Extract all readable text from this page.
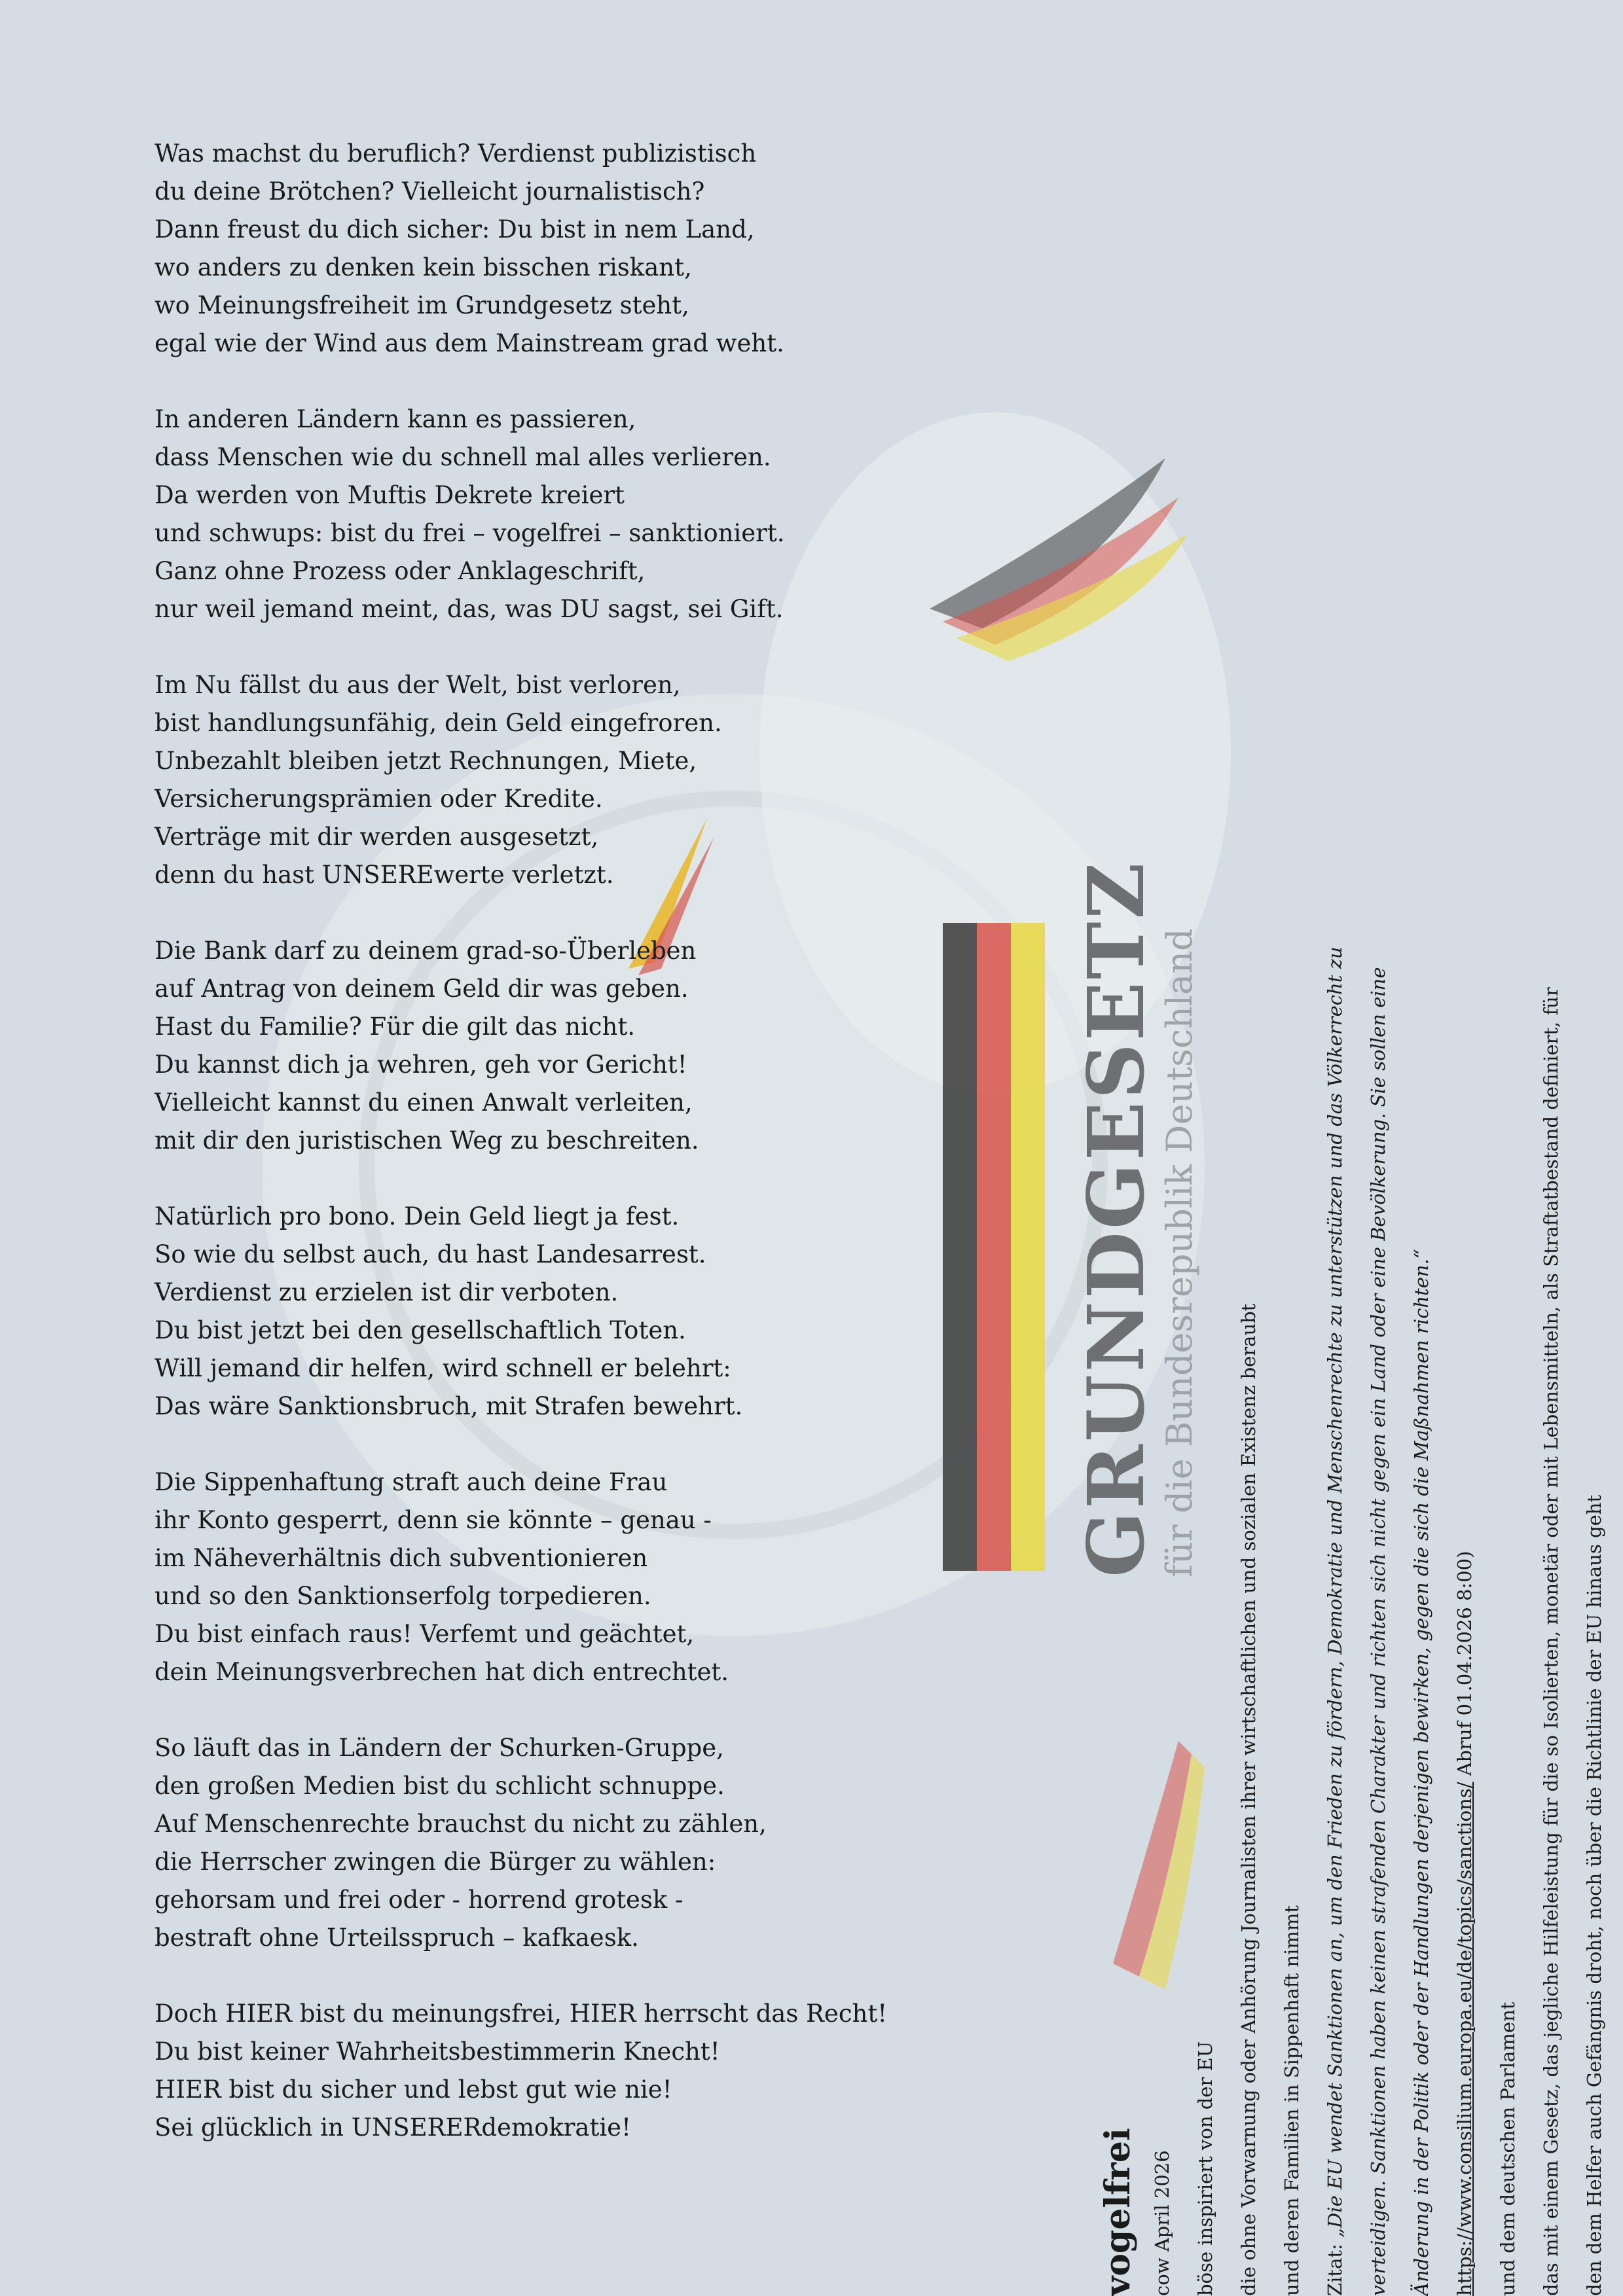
Was machst du beruflich? Verdienst publizistisch
du deine Brötchen? Vielleicht journalistisch?
Dann freust du dich sicher: Du bist in nem Land,
wo anders zu denken kein bisschen riskant,
wo Meinungsfreiheit im Grundgesetz steht,
egal wie der Wind aus dem Mainstream grad weht.
In anderen Ländern kann es passieren,
dass Menschen wie du schnell mal alles verlieren.
Da werden von Muftis Dekrete kreiert
und schwups: bist du frei – vogelfrei – sanktioniert.
Ganz ohne Prozess oder Anklageschrift,
nur weil jemand meint, das, was DU sagst, sei Gift.
Im Nu fällst du aus der Welt, bist verloren,
bist handlungsunfähig, dein Geld eingefroren.
Unbezahlt bleiben jetzt Rechnungen, Miete,
Versicherungsprämien oder Kredite.
Verträge mit dir werden ausgesetzt,
denn du hast UNSEREwerte verletzt.
Die Bank darf zu deinem grad-so-Überleben
auf Antrag von deinem Geld dir was geben.
Hast du Familie? Für die gilt das nicht.
Du kannst dich ja wehren, geh vor Gericht!
Vielleicht kannst du einen Anwalt verleiten,
mit dir den juristischen Weg zu beschreiten.
Natürlich pro bono. Dein Geld liegt ja fest.
So wie du selbst auch, du hast Landesarrest.
Verdienst zu erzielen ist dir verboten.
Du bist jetzt bei den gesellschaftlich Toten.
Will jemand dir helfen, wird schnell er belehrt:
Das wäre Sanktionsbruch, mit Strafen bewehrt.
Die Sippenhaftung straft auch deine Frau
ihr Konto gesperrt, denn sie könnte – genau -
im Näheverhältnis dich subventionieren
und so den Sanktionserfolg torpedieren.
Du bist einfach raus! Verfemt und geächtet,
dein Meinungsverbrechen hat dich entrechtet.
So läuft das in Ländern der Schurken-Gruppe,
den großen Medien bist du schlicht schnuppe.
Auf Menschenrechte brauchst du nicht zu zählen,
die Herrscher zwingen die Bürger zu wählen:
gehorsam und frei oder - horrend grotesk -
bestraft ohne Urteilsspruch – kafkaesk.
Doch HIER bist du meinungsfrei, HIER herrscht das Recht!
Du bist keiner Wahrheitsbestimmerin Knecht!
HIER bist du sicher und lebst gut wie nie!
Sei glücklich in UNSERERdemokratie!
GRUNDGESETZ
für die Bundesrepublik Deutschland
vogelfrei cow April 2026	böse inspiriert von der EU	die ohne Vorwarnung oder Anhörung Journalisten ihrer wirtschaftlichen und sozialen Existenz beraubt	und deren Familien in Sippenhaft nimmt	Zitat: „Die EU wendet Sanktionen an, um den Frieden zu fördern, Demokratie und Menschenrechte zu unterstützen und das Völkerrecht zu	verteidigen. Sanktionen haben keinen strafenden Charakter und richten sich nicht gegen ein Land oder eine Bevölkerung. Sie sollen eine	Änderung in der Politik oder der Handlungen derjenigen bewirken, gegen die sich die Maßnahmen richten.“	https://www.consilium.europa.eu/de/topics/sanctions/ Abruf 01.04.2026 8:00)
und dem deutschen Parlament	das mit einem Gesetz, das jegliche Hilfeleistung für die so Isolierten, monetär oder mit Lebensmitteln, als Straftatbestand definiert, für	den dem Helfer auch Gefängnis droht, noch über die Richtlinie der EU hinaus geht
